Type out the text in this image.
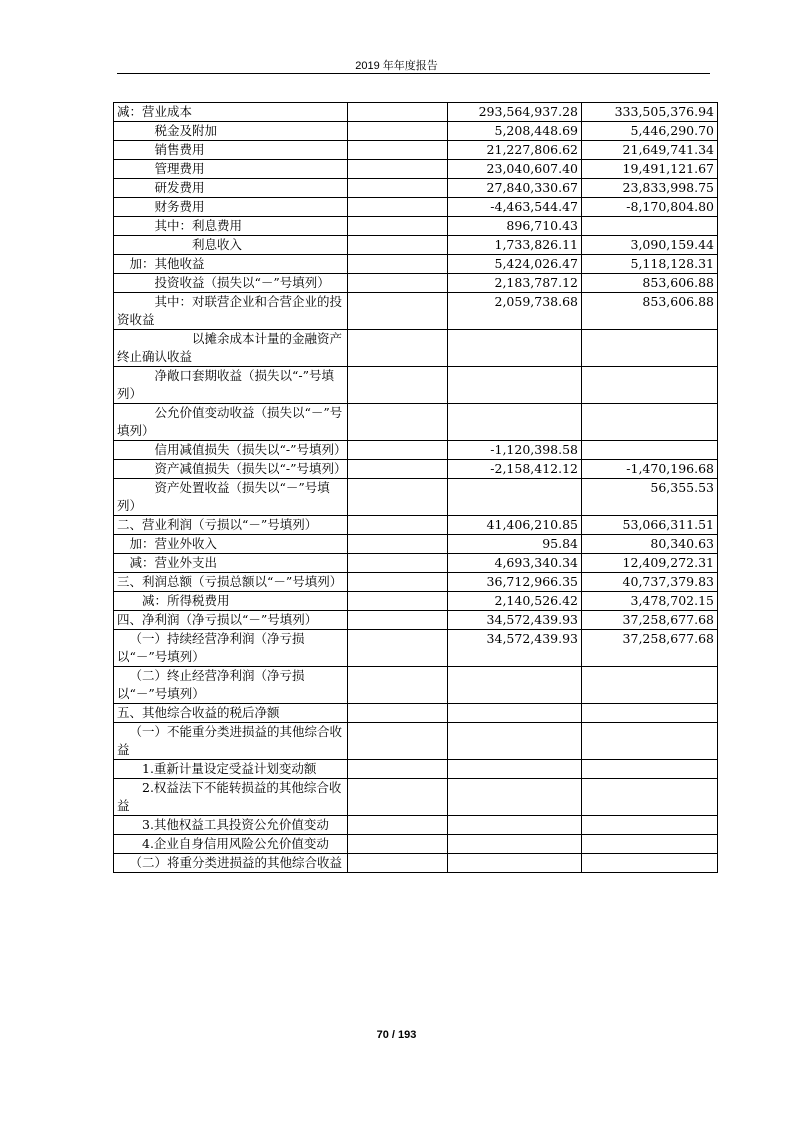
2019 年年度报告
减：营业成本		293,564,937.28	333,505,376.94
税金及附加		5,208,448.69	5,446,290.70
销售费用		21,227,806.62	21,649,741.34
管理费用		23,040,607.40	19,491,121.67
研发费用		27,840,330.67	23,833,998.75
财务费用		-4,463,544.47	-8,170,804.80
其中：利息费用		896,710.43	
利息收入		1,733,826.11	3,090,159.44
加：其他收益		5,424,026.47	5,118,128.31
投资收益（损失以“－”号填列）		2,183,787.12	853,606.88
其中：对联营企业和合营企业的投资收益		2,059,738.68	853,606.88
以摊余成本计量的金融资产终止确认收益			
净敞口套期收益（损失以“-”号填列）			
公允价值变动收益（损失以“－”号填列）			
信用减值损失（损失以“-”号填列）		-1,120,398.58	
资产减值损失（损失以“-”号填列）		-2,158,412.12	-1,470,196.68
资产处置收益（损失以“－”号填列）			56,355.53
二、营业利润（亏损以“－”号填列）		41,406,210.85	53,066,311.51
加：营业外收入		95.84	80,340.63
减：营业外支出		4,693,340.34	12,409,272.31
三、利润总额（亏损总额以“－”号填列）		36,712,966.35	40,737,379.83
减：所得税费用		2,140,526.42	3,478,702.15
四、净利润（净亏损以“－”号填列）		34,572,439.93	37,258,677.68
（一）持续经营净利润（净亏损以“－”号填列）		34,572,439.93	37,258,677.68
（二）终止经营净利润（净亏损以“－”号填列）			
五、其他综合收益的税后净额			
（一）不能重分类进损益的其他综合收益			
1.重新计量设定受益计划变动额			
2.权益法下不能转损益的其他综合收益			
3.其他权益工具投资公允价值变动			
4.企业自身信用风险公允价值变动			
（二）将重分类进损益的其他综合收益			
70 / 193
